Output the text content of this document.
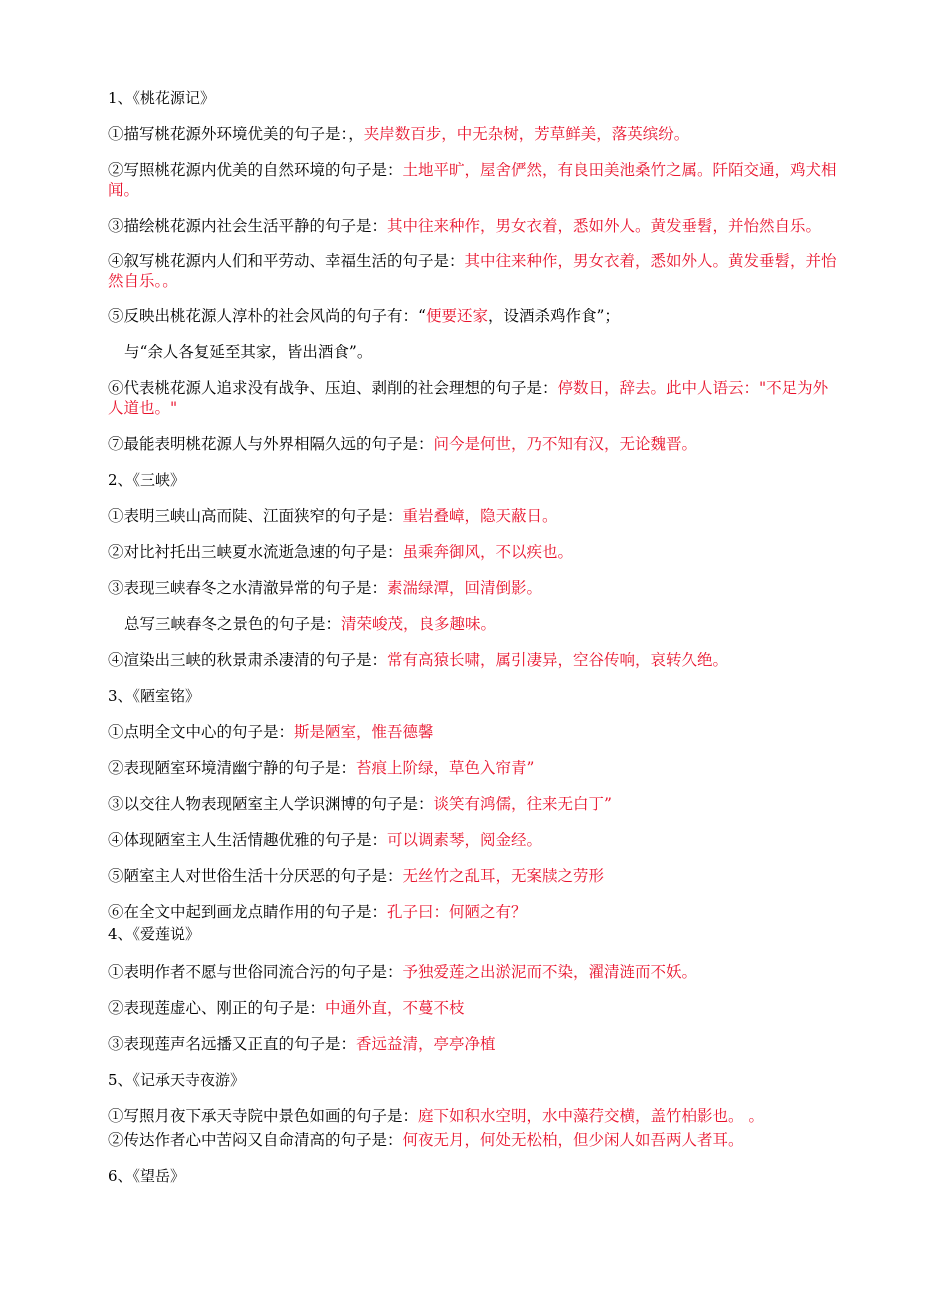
1、《桃花源记》
①描写桃花源外环境优美的句子是：，夹岸数百步，中无杂树，芳草鲜美，落英缤纷。
②写照桃花源内优美的自然环境的句子是：土地平旷，屋舍俨然，有良田美池桑竹之属。阡陌交通，鸡犬相闻。
③描绘桃花源内社会生活平静的句子是：其中往来种作，男女衣着，悉如外人。黄发垂髫，并怡然自乐。
④叙写桃花源内人们和平劳动、幸福生活的句子是：其中往来种作，男女衣着，悉如外人。黄发垂髫，并怡然自乐。。
⑤反映出桃花源人淳朴的社会风尚的句子有：“便要还家，设酒杀鸡作食”；
与“余人各复延至其家，皆出酒食”。
⑥代表桃花源人追求没有战争、压迫、剥削的社会理想的句子是：停数日，辞去。此中人语云："不足为外人道也。"
⑦最能表明桃花源人与外界相隔久远的句子是：问今是何世，乃不知有汉，无论魏晋。
2、《三峡》
①表明三峡山高而陡、江面狭窄的句子是：重岩叠嶂，隐天蔽日。
②对比衬托出三峡夏水流逝急速的句子是：虽乘奔御风，不以疾也。
③表现三峡春冬之水清澈异常的句子是：素湍绿潭，回清倒影。
总写三峡春冬之景色的句子是：清荣峻茂，良多趣味。
④渲染出三峡的秋景肃杀凄清的句子是：常有高猿长啸，属引凄异，空谷传响，哀转久绝。
3、《陋室铭》
①点明全文中心的句子是：斯是陋室，惟吾德馨
②表现陋室环境清幽宁静的句子是：苔痕上阶绿，草色入帘青”
③以交往人物表现陋室主人学识渊博的句子是：谈笑有鸿儒，往来无白丁”
④体现陋室主人生活情趣优雅的句子是：可以调素琴，阅金经。
⑤陋室主人对世俗生活十分厌恶的句子是：无丝竹之乱耳，无案牍之劳形
⑥在全文中起到画龙点睛作用的句子是：孔子曰：何陋之有？
4、《爱莲说》
①表明作者不愿与世俗同流合污的句子是：予独爱莲之出淤泥而不染，濯清涟而不妖。
②表现莲虚心、刚正的句子是：中通外直，不蔓不枝
③表现莲声名远播又正直的句子是：香远益清，亭亭净植
5、《记承天寺夜游》
①写照月夜下承天寺院中景色如画的句子是：庭下如积水空明，水中藻荇交横，盖竹柏影也。 。
②传达作者心中苦闷又自命清高的句子是：何夜无月，何处无松柏，但少闲人如吾两人者耳。
6、《望岳》
